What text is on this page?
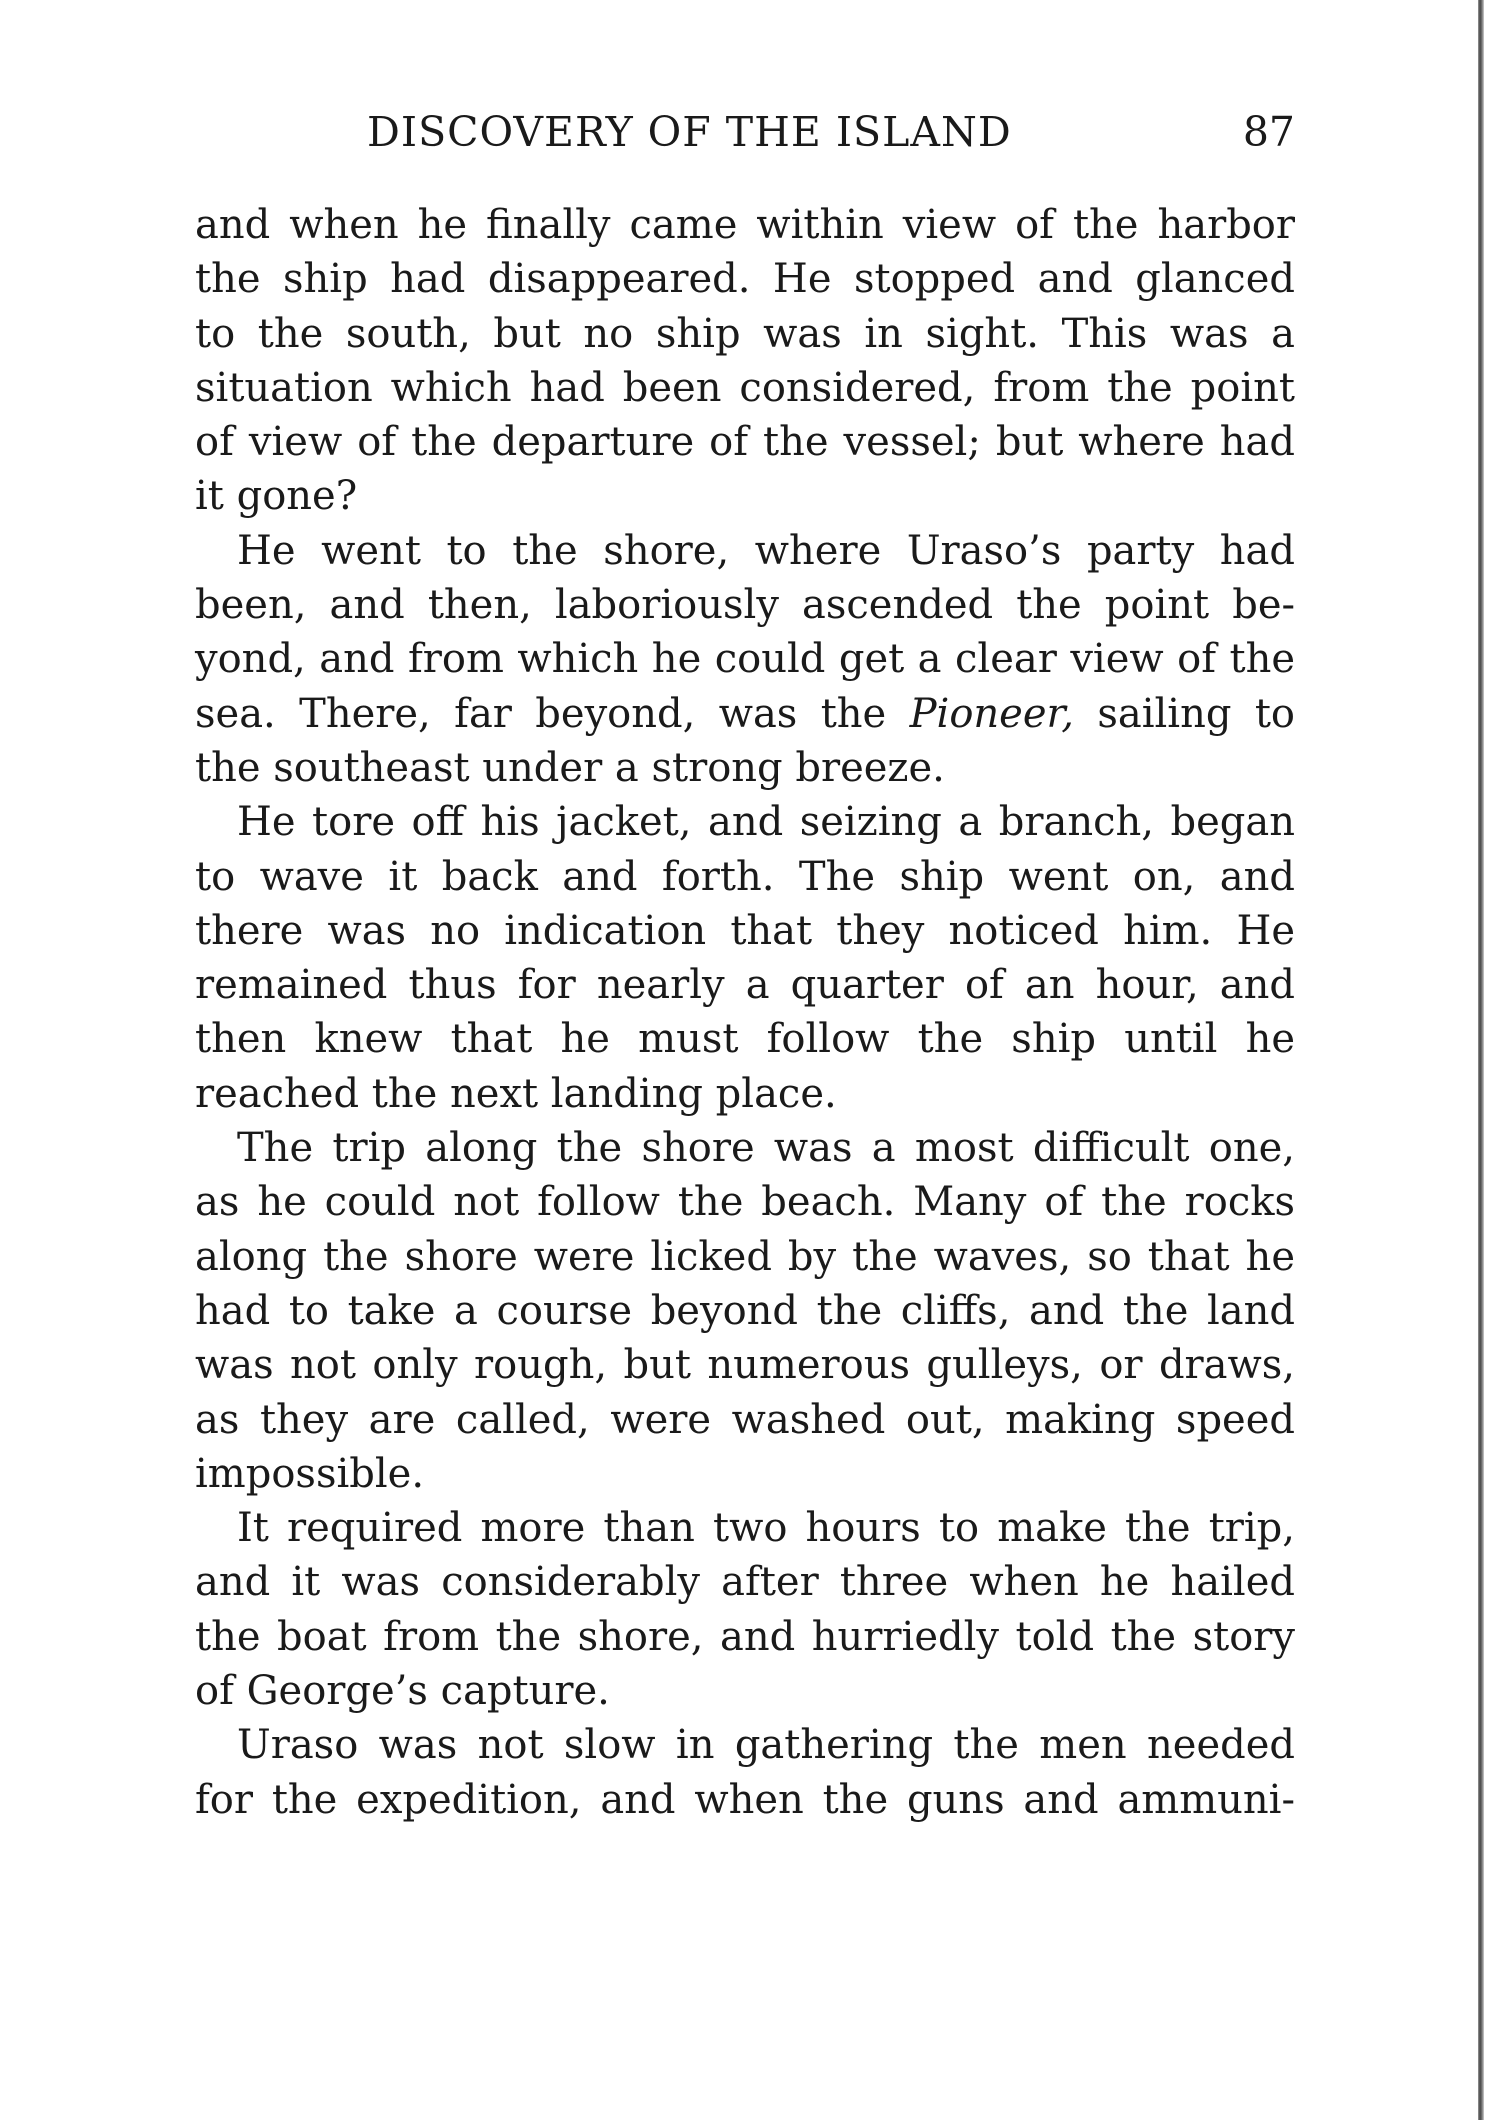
DISCOVERY OF THE ISLAND	87
and when he finally came within view of the harbor
the ship had disappeared. He stopped and glanced
to the south, but no ship was in sight. This was a
situation which had been considered, from the point
of view of the departure of the vessel; but where had
it gone?
He went to the shore, where Uraso’s party had
been, and then, laboriously ascended the point be-
yond, and from which he could get a clear view of the
sea. There, far beyond, was the Pioneer, sailing to
the southeast under a strong breeze.
He tore off his jacket, and seizing a branch, began
to wave it back and forth. The ship went on, and
there was no indication that they noticed him. He
remained thus for nearly a quarter of an hour, and
then knew that he must follow the ship until he
reached the next landing place.
The trip along the shore was a most difficult one,
as he could not follow the beach. Many of the rocks
along the shore were licked by the waves, so that he
had to take a course beyond the cliffs, and the land
was not only rough, but numerous gulleys, or draws,
as they are called, were washed out, making speed
impossible.
It required more than two hours to make the trip,
and it was considerably after three when he hailed
the boat from the shore, and hurriedly told the story
of George’s capture.
Uraso was not slow in gathering the men needed
for the expedition, and when the guns and ammuni-
